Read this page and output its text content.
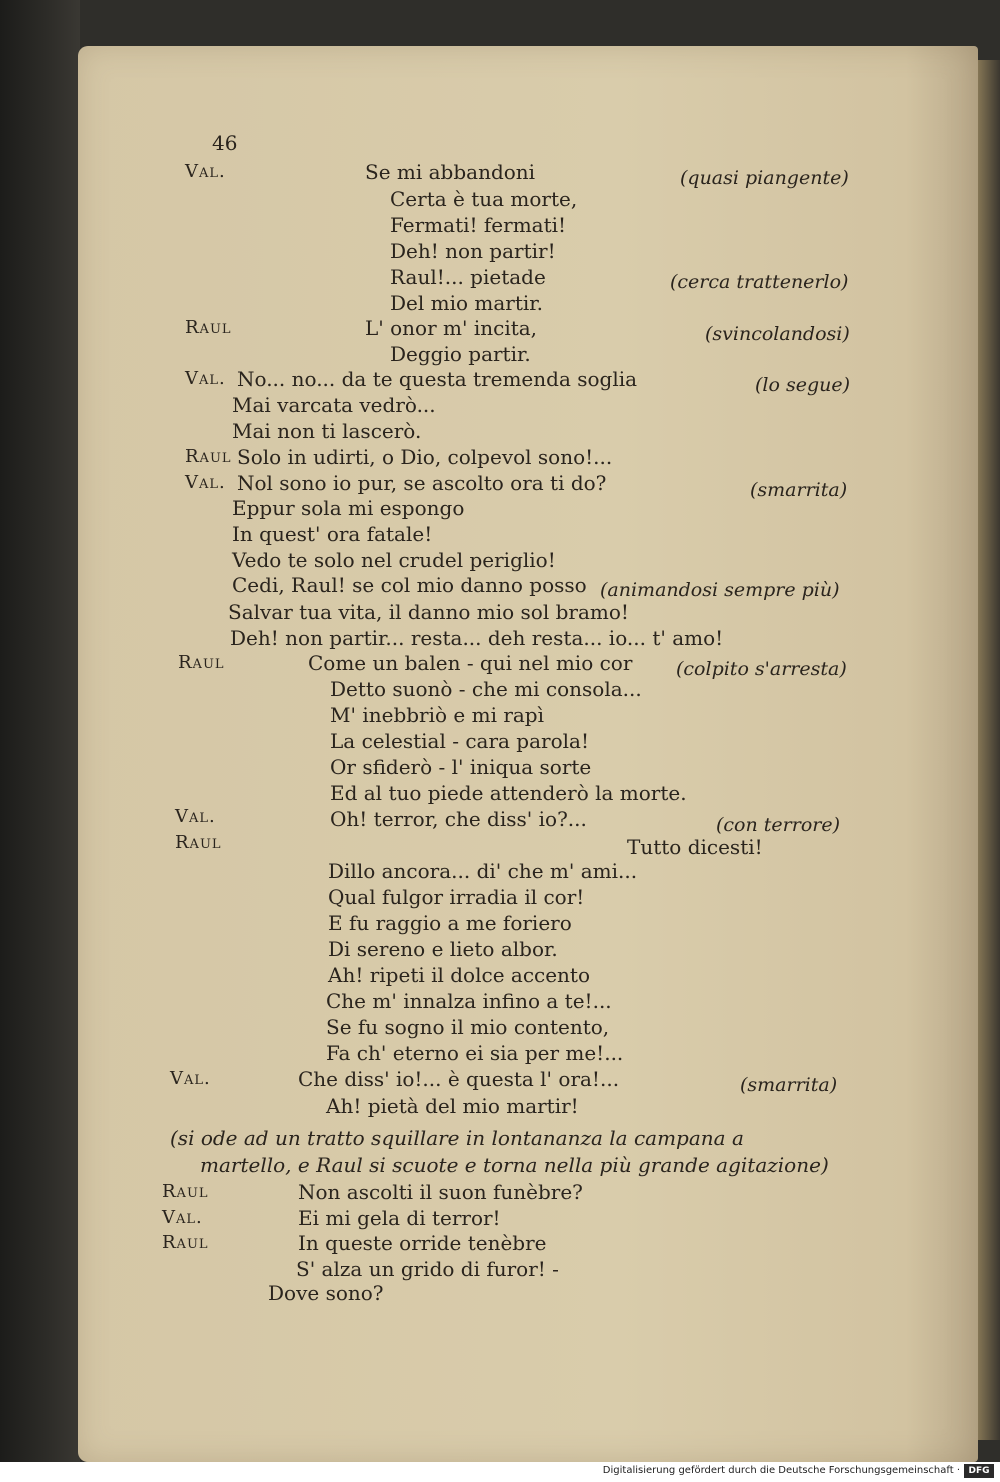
46
Val.	Se mi abbandoni	(quasi piangente)
Certa è tua morte,
Fermati! fermati!
Deh! non partir!
Raul!... pietade	(cerca trattenerlo)
Del mio martir.
Raul	L' onor m' incita,	(svincolandosi)
Deggio partir.
Val. No... no... da te questa tremenda soglia	(lo segue)
Mai varcata vedrò...
Mai non ti lascerò.
Raul Solo in udirti, o Dio, colpevol sono!...
Val. Nol sono io pur, se ascolto ora ti do?	(smarrita)
Eppur sola mi espongo
In quest' ora fatale!
Vedo te solo nel crudel periglio!
Cedi, Raul! se col mio danno posso (animandosi sempre più)
Salvar tua vita, il danno mio sol bramo!
Deh! non partir... resta... deh resta... io... t' amo!
Raul	Come un balen - qui nel mio cor (colpito s'arresta)
Detto suonò - che mi consola...
M' inebbriò e mi rapì
La celestial - cara parola!
Or sfiderò - l' iniqua sorte
Ed al tuo piede attenderò la morte.
Val.	Oh! terror, che diss' io?...	(con terrore)
Raul	Tutto dicesti!
Dillo ancora... di' che m' ami...
Qual fulgor irradia il cor!
E fu raggio a me foriero
Di sereno e lieto albor.
Ah! ripeti il dolce accento
Che m' innalza infino a te!...
Se fu sogno il mio contento,
Fa ch' eterno ei sia per me!...
Val.	Che diss' io!... è questa l' ora!...	(smarrita)
Ah! pietà del mio martir!
(si ode ad un tratto squillare in lontananza la campana a
martello, e Raul si scuote e torna nella più grande agitazione)
Raul	Non ascolti il suon funèbre?
Val.	Ei mi gela di terror!
Raul	In queste orride tenèbre
S' alza un grido di furor! -
Dove sono?
Digitalisierung gefördert durch die Deutsche Forschungsgemeinschaft · DFG
